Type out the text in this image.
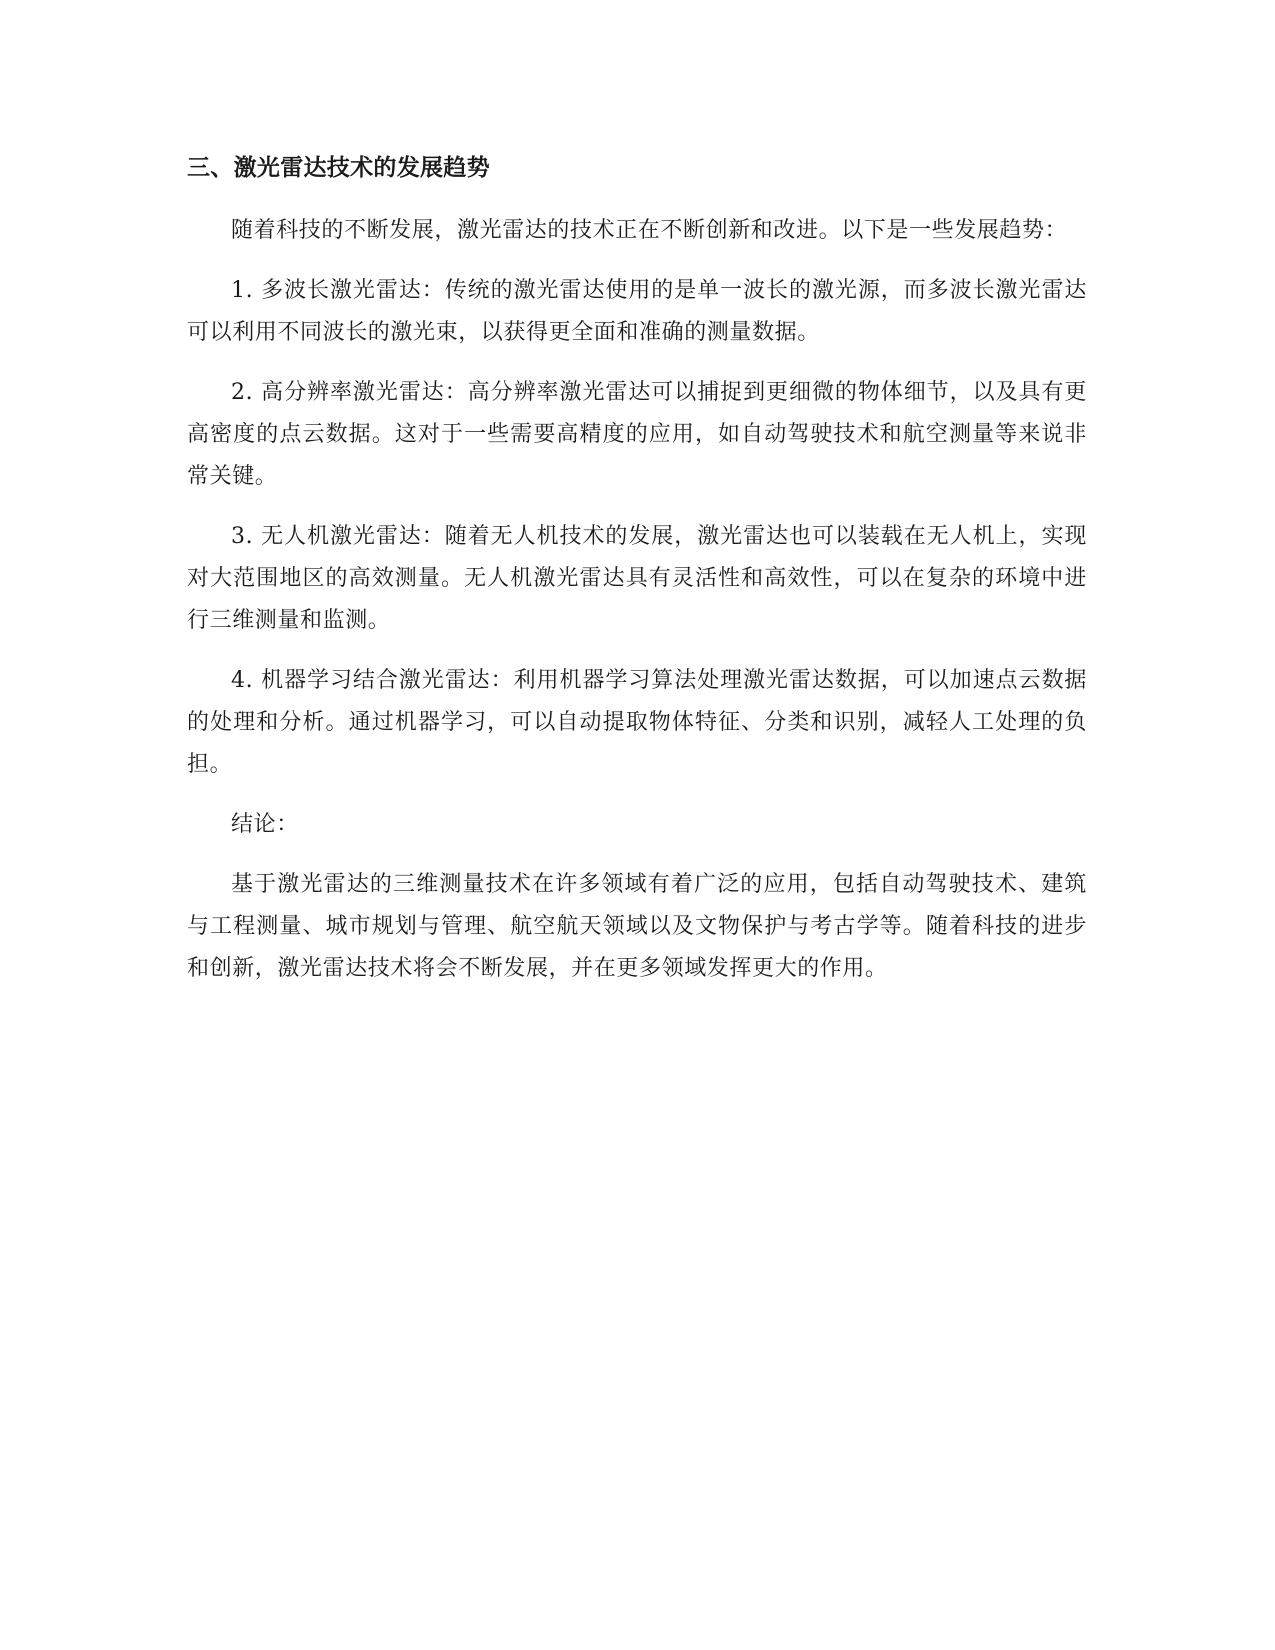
三、激光雷达技术的发展趋势

随着科技的不断发展，激光雷达的技术正在不断创新和改进。以下是一些发展趋势：

1. 多波长激光雷达：传统的激光雷达使用的是单一波长的激光源，而多波长激光雷达可以利用不同波长的激光束，以获得更全面和准确的测量数据。

2. 高分辨率激光雷达：高分辨率激光雷达可以捕捉到更细微的物体细节，以及具有更高密度的点云数据。这对于一些需要高精度的应用，如自动驾驶技术和航空测量等来说非常关键。

3. 无人机激光雷达：随着无人机技术的发展，激光雷达也可以装载在无人机上，实现对大范围地区的高效测量。无人机激光雷达具有灵活性和高效性，可以在复杂的环境中进行三维测量和监测。

4. 机器学习结合激光雷达：利用机器学习算法处理激光雷达数据，可以加速点云数据的处理和分析。通过机器学习，可以自动提取物体特征、分类和识别，减轻人工处理的负担。

结论：

基于激光雷达的三维测量技术在许多领域有着广泛的应用，包括自动驾驶技术、建筑与工程测量、城市规划与管理、航空航天领域以及文物保护与考古学等。随着科技的进步和创新，激光雷达技术将会不断发展，并在更多领域发挥更大的作用。
